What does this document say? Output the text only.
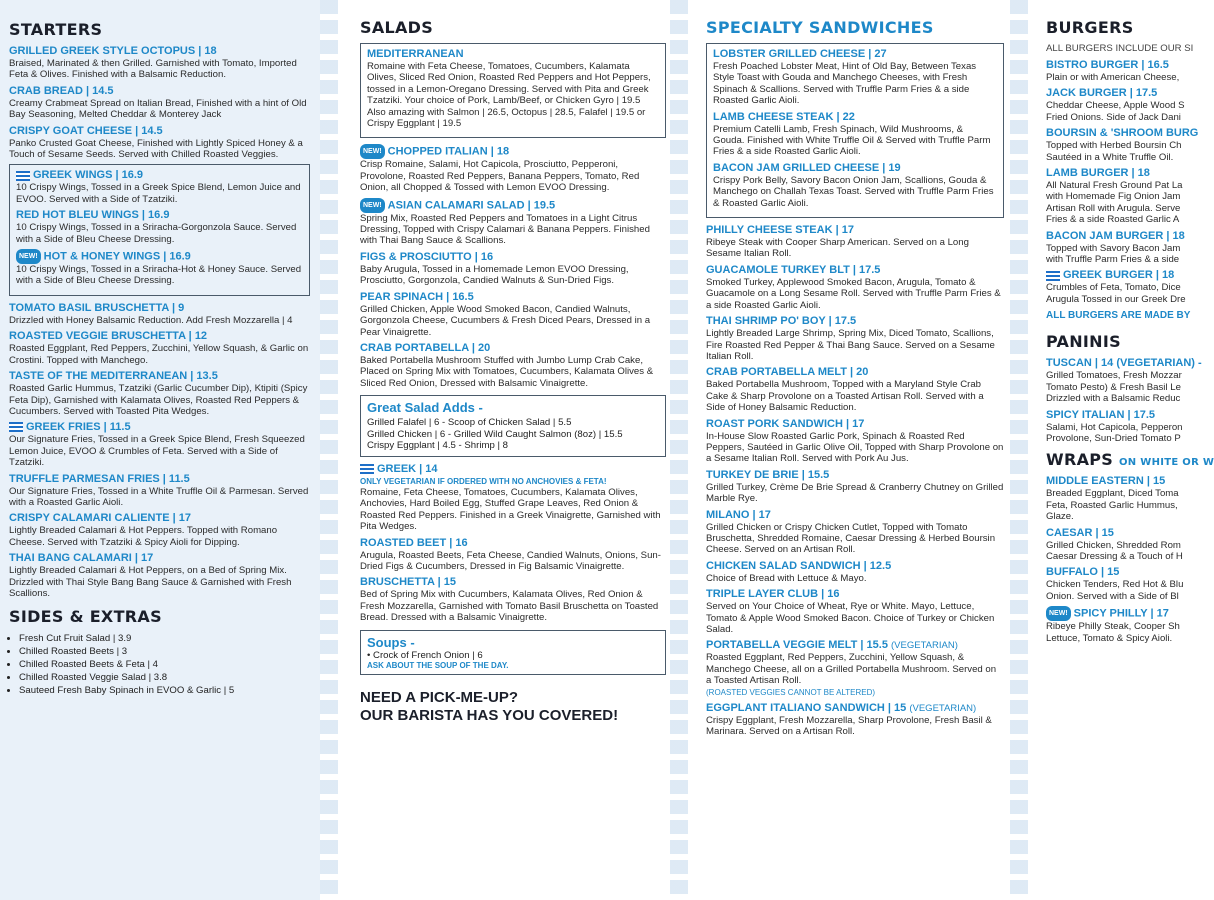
STARTERS
GRILLED GREEK STYLE OCTOPUS | 18
Braised, Marinated & then Grilled. Garnished with Tomato, Imported Feta & Olives. Finished with a Balsamic Reduction.
CRAB BREAD | 14.5
Creamy Crabmeat Spread on Italian Bread, Finished with a hint of Old Bay Seasoning, Melted Cheddar & Monterey Jack
CRISPY GOAT CHEESE | 14.5
Panko Crusted Goat Cheese, Finished with Lightly Spiced Honey & a Touch of Sesame Seeds. Served with Chilled Roasted Veggies.
GREEK WINGS | 16.9
10 Crispy Wings, Tossed in a Greek Spice Blend, Lemon Juice and EVOO. Served with a Side of Tzatziki.
RED HOT BLEU WINGS | 16.9
10 Crispy Wings, Tossed in a Sriracha-Gorgonzola Sauce. Served with a Side of Bleu Cheese Dressing.
NEW! HOT & HONEY WINGS | 16.9
10 Crispy Wings, Tossed in a Sriracha-Hot & Honey Sauce. Served with a Side of Bleu Cheese Dressing.
TOMATO BASIL BRUSCHETTA | 9
Drizzled with Honey Balsamic Reduction. Add Fresh Mozzarella | 4
ROASTED VEGGIE BRUSCHETTA | 12
Roasted Eggplant, Red Peppers, Zucchini, Yellow Squash, & Garlic on Crostini. Topped with Manchego.
TASTE OF THE MEDITERRANEAN | 13.5
Roasted Garlic Hummus, Tzatziki (Garlic Cucumber Dip), Ktipiti (Spicy Feta Dip), Garnished with Kalamata Olives, Roasted Red Peppers & Cucumbers. Served with Toasted Pita Wedges.
GREEK FRIES | 11.5
Our Signature Fries, Tossed in a Greek Spice Blend, Fresh Squeezed Lemon Juice, EVOO & Crumbles of Feta. Served with a Side of Tzatziki.
TRUFFLE PARMESAN FRIES | 11.5
Our Signature Fries, Tossed in a White Truffle Oil & Parmesan. Served with a Roasted Garlic Aioli.
CRISPY CALAMARI CALIENTE | 17
Lightly Breaded Calamari & Hot Peppers. Topped with Romano Cheese. Served with Tzatziki & Spicy Aioli for Dipping.
THAI BANG CALAMARI | 17
Lightly Breaded Calamari & Hot Peppers, on a Bed of Spring Mix. Drizzled with Thai Style Bang Bang Sauce & Garnished with Fresh Scallions.
SIDES & EXTRAS
• Fresh Cut Fruit Salad | 3.9
• Chilled Roasted Beets | 3
• Chilled Roasted Beets & Feta | 4
• Chilled Roasted Veggie Salad | 3.8
• Sauteed Fresh Baby Spinach in EVOO & Garlic | 5
SALADS
MEDITERRANEAN
Romaine with Feta Cheese, Tomatoes, Cucumbers, Kalamata Olives, Sliced Red Onion, Roasted Red Peppers and Hot Peppers, tossed in a Lemon-Oregano Dressing. Served with Pita and Greek Tzatziki. Your choice of Pork, Lamb/Beef, or Chicken Gyro | 19.5 Also amazing with Salmon | 26.5, Octopus | 28.5, Falafel | 19.5 or Crispy Eggplant | 19.5
NEW! CHOPPED ITALIAN | 18
Crisp Romaine, Salami, Hot Capicola, Prosciutto, Pepperoni, Provolone, Roasted Red Peppers, Banana Peppers, Tomato, Red Onion, all Chopped & Tossed with Lemon EVOO Dressing.
NEW! ASIAN CALAMARI SALAD | 19.5
Spring Mix, Roasted Red Peppers and Tomatoes in a Light Citrus Dressing, Topped with Crispy Calamari & Banana Peppers. Finished with Thai Bang Sauce & Scallions.
FIGS & PROSCIUTTO | 16
Baby Arugula, Tossed in a Homemade Lemon EVOO Dressing, Prosciutto, Gorgonzola, Candied Walnuts & Sun-Dried Figs.
PEAR SPINACH | 16.5
Grilled Chicken, Apple Wood Smoked Bacon, Candied Walnuts, Gorgonzola Cheese, Cucumbers & Fresh Diced Pears, Dressed in a Pear Vinaigrette.
CRAB PORTABELLA | 20
Baked Portabella Mushroom Stuffed with Jumbo Lump Crab Cake, Placed on Spring Mix with Tomatoes, Cucumbers, Kalamata Olives & Sliced Red Onion, Dressed with Balsamic Vinaigrette.
Great Salad Adds -
Grilled Falafel | 6 - Scoop of Chicken Salad | 5.5
Grilled Chicken | 6 - Grilled Wild Caught Salmon (8oz) | 15.5
Crispy Eggplant | 4.5 - Shrimp | 8
GREEK | 14
ONLY VEGETARIAN IF ORDERED WITH NO ANCHOVIES & FETA!
Romaine, Feta Cheese, Tomatoes, Cucumbers, Kalamata Olives, Anchovies, Hard Boiled Egg, Stuffed Grape Leaves, Red Onion & Roasted Red Peppers. Finished in a Greek Vinaigrette, Garnished with Pita Wedges.
ROASTED BEET | 16
Arugula, Roasted Beets, Feta Cheese, Candied Walnuts, Onions, Sun-Dried Figs & Cucumbers, Dressed in Fig Balsamic Vinaigrette.
BRUSCHETTA | 15
Bed of Spring Mix with Cucumbers, Kalamata Olives, Red Onion & Fresh Mozzarella, Garnished with Tomato Basil Bruschetta on Toasted Bread. Dressed with a Balsamic Vinaigrette.
Soups -
• Crock of French Onion | 6
ASK ABOUT THE SOUP OF THE DAY.
NEED A PICK-ME-UP?
OUR BARISTA HAS YOU COVERED!
SPECIALTY SANDWICHES
LOBSTER GRILLED CHEESE | 27
Fresh Poached Lobster Meat, Hint of Old Bay, Between Texas Style Toast with Gouda and Manchego Cheeses, with Fresh Spinach & Scallions. Served with Truffle Parm Fries & a side Roasted Garlic Aioli.
LAMB CHEESE STEAK | 22
Premium Catelli Lamb, Fresh Spinach, Wild Mushrooms, & Gouda. Finished with White Truffle Oil & Served with Truffle Parm Fries & a side Roasted Garlic Aioli.
BACON JAM GRILLED CHEESE | 19
Crispy Pork Belly, Savory Bacon Onion Jam, Scallions, Gouda & Manchego on Challah Texas Toast. Served with Truffle Parm Fries & Roasted Garlic Aioli.
PHILLY CHEESE STEAK | 17
Ribeye Steak with Cooper Sharp American. Served on a Long Sesame Italian Roll.
GUACAMOLE TURKEY BLT | 17.5
Smoked Turkey, Applewood Smoked Bacon, Arugula, Tomato & Guacamole on a Long Sesame Roll. Served with Truffle Parm Fries & a side Roasted Garlic Aioli.
THAI SHRIMP PO' BOY | 17.5
Lightly Breaded Large Shrimp, Spring Mix, Diced Tomato, Scallions, Fire Roasted Red Pepper & Thai Bang Sauce. Served on a Sesame Italian Roll.
CRAB PORTABELLA MELT | 20
Baked Portabella Mushroom, Topped with a Maryland Style Crab Cake & Sharp Provolone on a Toasted Artisan Roll. Served with a Side of Honey Balsamic Reduction.
ROAST PORK SANDWICH | 17
In-House Slow Roasted Garlic Pork, Spinach & Roasted Red Peppers, Sautéed in Garlic Olive Oil, Topped with Sharp Provolone on a Sesame Italian Roll. Served with Pork Au Jus.
TURKEY DE BRIE | 15.5
Grilled Turkey, Crème De Brie Spread & Cranberry Chutney on Grilled Marble Rye.
MILANO | 17
Grilled Chicken or Crispy Chicken Cutlet, Topped with Tomato Bruschetta, Shredded Romaine, Caesar Dressing & Herbed Boursin Cheese. Served on an Artisan Roll.
CHICKEN SALAD SANDWICH | 12.5
Choice of Bread with Lettuce & Mayo.
TRIPLE LAYER CLUB | 16
Served on Your Choice of Wheat, Rye or White. Mayo, Lettuce, Tomato & Apple Wood Smoked Bacon. Choice of Turkey or Chicken Salad.
PORTABELLA VEGGIE MELT | 15.5 (VEGETARIAN)
Roasted Eggplant, Red Peppers, Zucchini, Yellow Squash, & Manchego Cheese, all on a Grilled Portabella Mushroom. Served on a Toasted Artisan Roll.
(ROASTED VEGGIES CANNOT BE ALTERED)
EGGPLANT ITALIANO SANDWICH | 15 (VEGETARIAN)
Crispy Eggplant, Fresh Mozzarella, Sharp Provolone, Fresh Basil & Marinara. Served on a Artisan Roll.
BURGERS
ALL BURGERS INCLUDE OUR SI
BISTRO BURGER | 16.5
Plain or with American Cheese,
JACK BURGER | 17.5
Cheddar Cheese, Apple Wood S Fried Onions. Side of Jack Dani
BOURSIN & 'SHROOM BURG
Topped with Herbed Boursin Ch Sautéed in a White Truffle Oil.
LAMB BURGER | 18
All Natural Fresh Ground Pat La with Homemade Fig Onion Jam Artisan Roll with Arugula. Serve Fries & a side Roasted Garlic A
BACON JAM BURGER | 18
Topped with Savory Bacon Jam with Truffle Parm Fries & a side
GREEK BURGER | 18
Crumbles of Feta, Tomato, Dice Arugula Tossed in our Greek Dre
ALL BURGERS ARE MADE BY
PANINIS
TUSCAN | 14 (VEGETARIAN) -
Grilled Tomatoes, Fresh Mozzar Tomato Pesto) & Fresh Basil Le Drizzled with a Balsamic Reduc
SPICY ITALIAN | 17.5
Salami, Hot Capicola, Pepperon Provolone, Sun-Dried Tomato P
WRAPS ON WHITE OR W
MIDDLE EASTERN | 15
Breaded Eggplant, Diced Toma Feta, Roasted Garlic Hummus, Glaze.
CAESAR | 15
Grilled Chicken, Shredded Rom Caesar Dressing & a Touch of H
BUFFALO | 15
Chicken Tenders, Red Hot & Blu Onion. Served with a Side of Bl
NEW! SPICY PHILLY | 17
Ribeye Philly Steak, Cooper Sh Lettuce, Tomato & Spicy Aioli.
